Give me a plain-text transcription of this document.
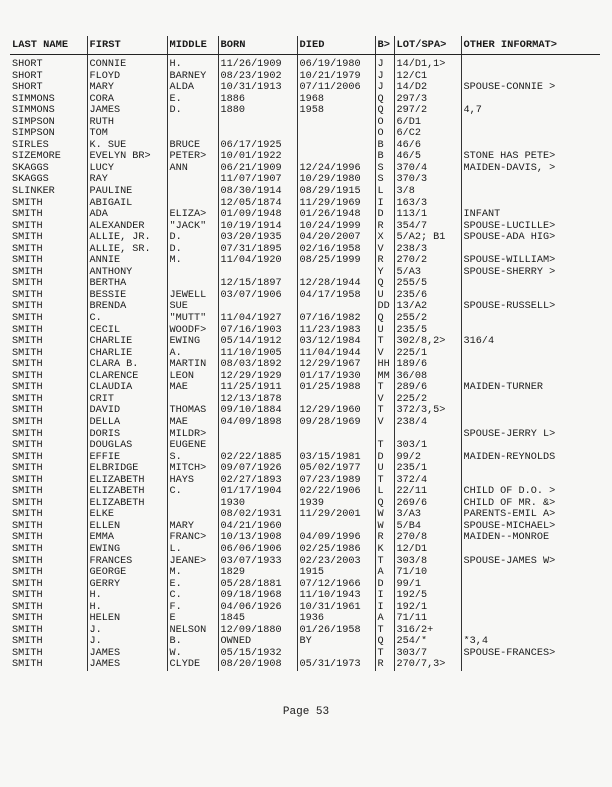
LAST NAME	FIRST	MIDDLE	BORN	DIED	B>	LOT/SPA>	OTHER INFORMAT>
SHORT	CONNIE	H.	11/26/1909	06/19/1980	J	14/D1,1>	
SHORT	FLOYD	BARNEY	08/23/1902	10/21/1979	J	12/C1	
SHORT	MARY	ALDA	10/31/1913	07/11/2006	J	14/D2	SPOUSE-CONNIE >
SIMMONS	CORA	E.	1886	1968	Q	297/3	
SIMMONS	JAMES	D.	1880	1958	Q	297/2	4,7
SIMPSON	RUTH				O	6/D1	
SIMPSON	TOM				O	6/C2	
SIRLES	K. SUE	BRUCE	06/17/1925		B	46/6	
SIZEMORE	EVELYN BR>	PETER>	10/01/1922		B	46/5	STONE HAS PETE>
SKAGGS	LUCY	ANN	06/21/1909	12/24/1996	S	370/4	MAIDEN-DAVIS, >
SKAGGS	RAY		11/07/1907	10/29/1980	S	370/3	
SLINKER	PAULINE		08/30/1914	08/29/1915	L	3/8	
SMITH	ABIGAIL		12/05/1874	11/29/1969	I	163/3	
SMITH	ADA	ELIZA>	01/09/1948	01/26/1948	D	113/1	INFANT
SMITH	ALEXANDER	"JACK"	10/19/1914	10/24/1999	R	354/7	SPOUSE-LUCILLE>
SMITH	ALLIE, JR.	D.	03/20/1935	04/20/2007	X	5/A2; B1	SPOUSE-ADA HIG>
SMITH	ALLIE, SR.	D.	07/31/1895	02/16/1958	V	238/3	
SMITH	ANNIE	M.	11/04/1920	08/25/1999	R	270/2	SPOUSE-WILLIAM>
SMITH	ANTHONY				Y	5/A3	SPOUSE-SHERRY >
SMITH	BERTHA		12/15/1897	12/28/1944	Q	255/5	
SMITH	BESSIE	JEWELL	03/07/1906	04/17/1958	U	235/6	
SMITH	BRENDA	SUE			DD	13/A2	SPOUSE-RUSSELL>
SMITH	C.	"MUTT"	11/04/1927	07/16/1982	Q	255/2	
SMITH	CECIL	WOODF>	07/16/1903	11/23/1983	U	235/5	
SMITH	CHARLIE	EWING	05/14/1912	03/12/1984	T	302/8,2>	316/4
SMITH	CHARLIE	A.	11/10/1905	11/04/1944	V	225/1	
SMITH	CLARA B.	MARTIN	08/03/1892	12/29/1967	HH	189/6	
SMITH	CLARENCE	LEON	12/29/1929	01/17/1930	MM	36/08	
SMITH	CLAUDIA	MAE	11/25/1911	01/25/1988	T	289/6	MAIDEN-TURNER
SMITH	CRIT		12/13/1878		V	225/2	
SMITH	DAVID	THOMAS	09/10/1884	12/29/1960	T	372/3,5>	
SMITH	DELLA	MAE	04/09/1898	09/28/1969	V	238/4	
SMITH	DORIS	MILDR>					SPOUSE-JERRY L>
SMITH	DOUGLAS	EUGENE			T	303/1	
SMITH	EFFIE	S.	02/22/1885	03/15/1981	D	99/2	MAIDEN-REYNOLDS
SMITH	ELBRIDGE	MITCH>	09/07/1926	05/02/1977	U	235/1	
SMITH	ELIZABETH	HAYS	02/27/1893	07/23/1989	T	372/4	
SMITH	ELIZABETH	C.	01/17/1904	02/22/1906	L	22/11	CHILD OF D.O. >
SMITH	ELIZABETH		1930	1939	Q	269/6	CHILD OF MR. &>
SMITH	ELKE		08/02/1931	11/29/2001	W	3/A3	PARENTS-EMIL A>
SMITH	ELLEN	MARY	04/21/1960		W	5/B4	SPOUSE-MICHAEL>
SMITH	EMMA	FRANC>	10/13/1908	04/09/1996	R	270/8	MAIDEN--MONROE
SMITH	EWING	L.	06/06/1906	02/25/1986	K	12/D1	
SMITH	FRANCES	JEANE>	03/07/1933	02/23/2003	T	303/8	SPOUSE-JAMES W>
SMITH	GEORGE	M.	1829	1915	A	71/10	
SMITH	GERRY	E.	05/28/1881	07/12/1966	D	99/1	
SMITH	H.	C.	09/18/1968	11/10/1943	I	192/5	
SMITH	H.	F.	04/06/1926	10/31/1961	I	192/1	
SMITH	HELEN	E	1845	1936	A	71/11	
SMITH	J.	NELSON	12/09/1880	01/26/1958	T	316/2+	
SMITH	J.	B.	OWNED	BY	Q	254/*	*3,4
SMITH	JAMES	W.	05/15/1932		T	303/7	SPOUSE-FRANCES>
SMITH	JAMES	CLYDE	08/20/1908	05/31/1973	R	270/7,3>	
Page 53
